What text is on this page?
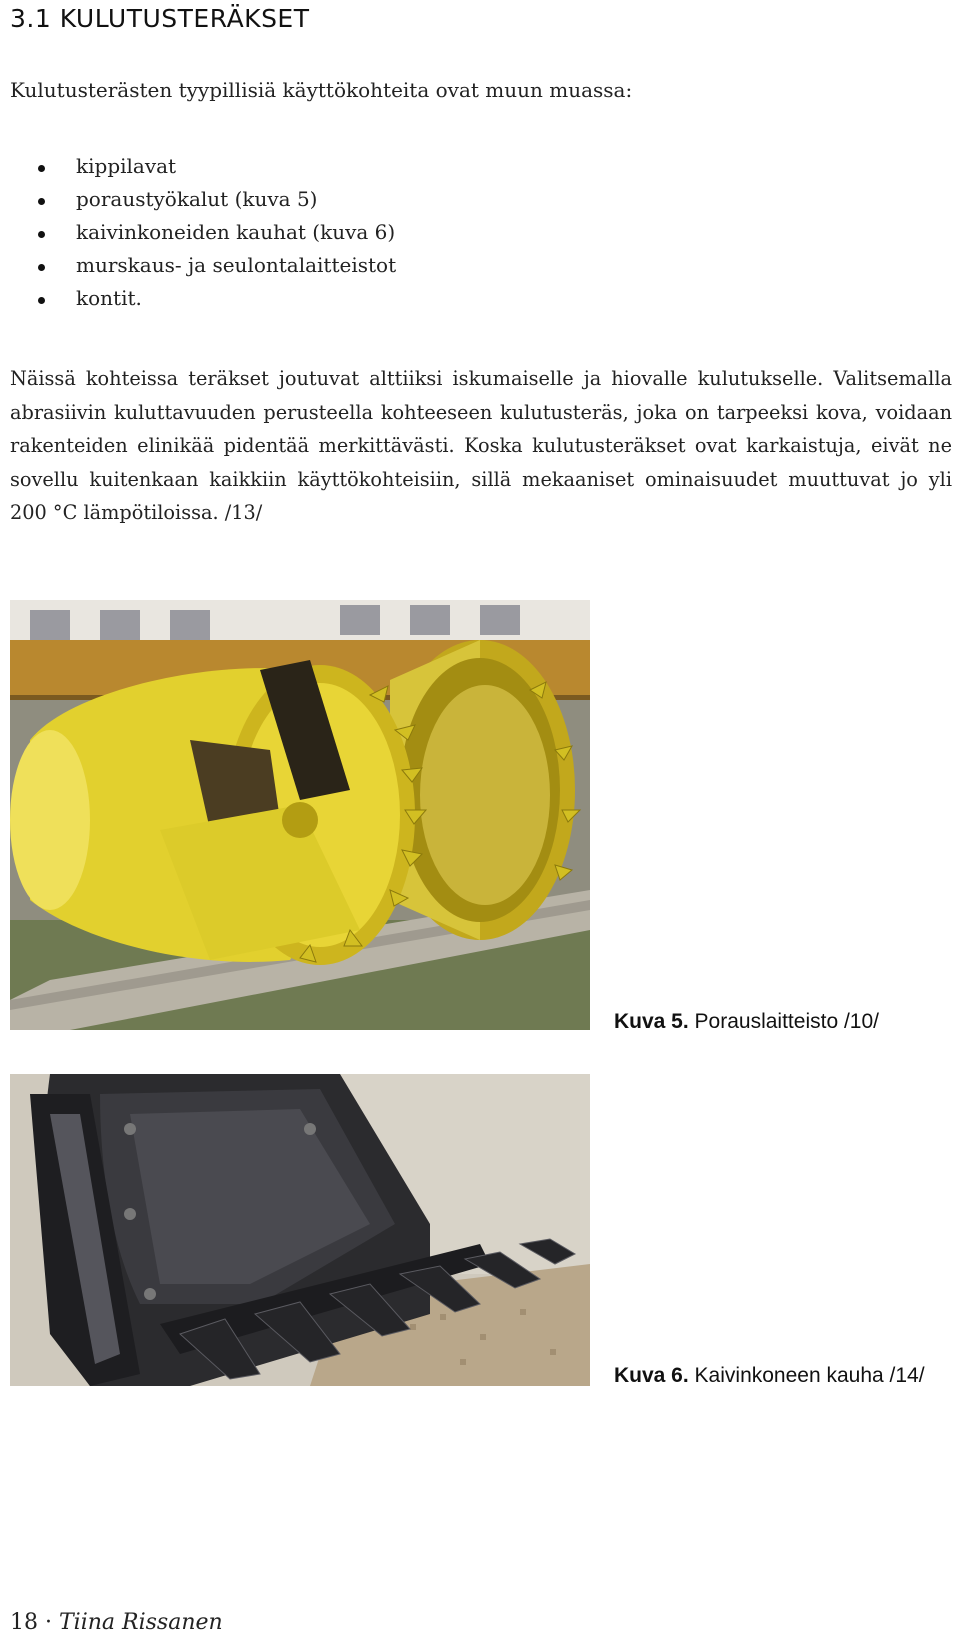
3.1 KULUTUSTERÄKSET
Kulutusterästen tyypillisiä käyttökohteita ovat muun muassa:
kippilavat
poraustyökalut (kuva 5)
kaivinkoneiden kauhat (kuva 6)
murskaus- ja seulontalaitteistot
kontit.

Näissä kohteissa teräkset joutuvat alttiiksi iskumaiselle ja hiovalle kulutukselle. Valitsemalla abrasiivin kuluttavuuden perusteella kohteeseen kulutusteräs, joka on tarpeeksi kova, voidaan rakenteiden elinikää pidentää merkittävästi. Koska kulutusteräkset ovat karkaistuja, eivät ne sovellu kuitenkaan kaikkiin käyttökohteisiin, sillä mekaaniset ominaisuudet muuttuvat jo yli 200 °C lämpötiloissa. /13/

Kuva 5. Porauslaitteisto /10/
Kuva 6. Kaivinkoneen kauha /14/
18 · Tiina Rissanen
